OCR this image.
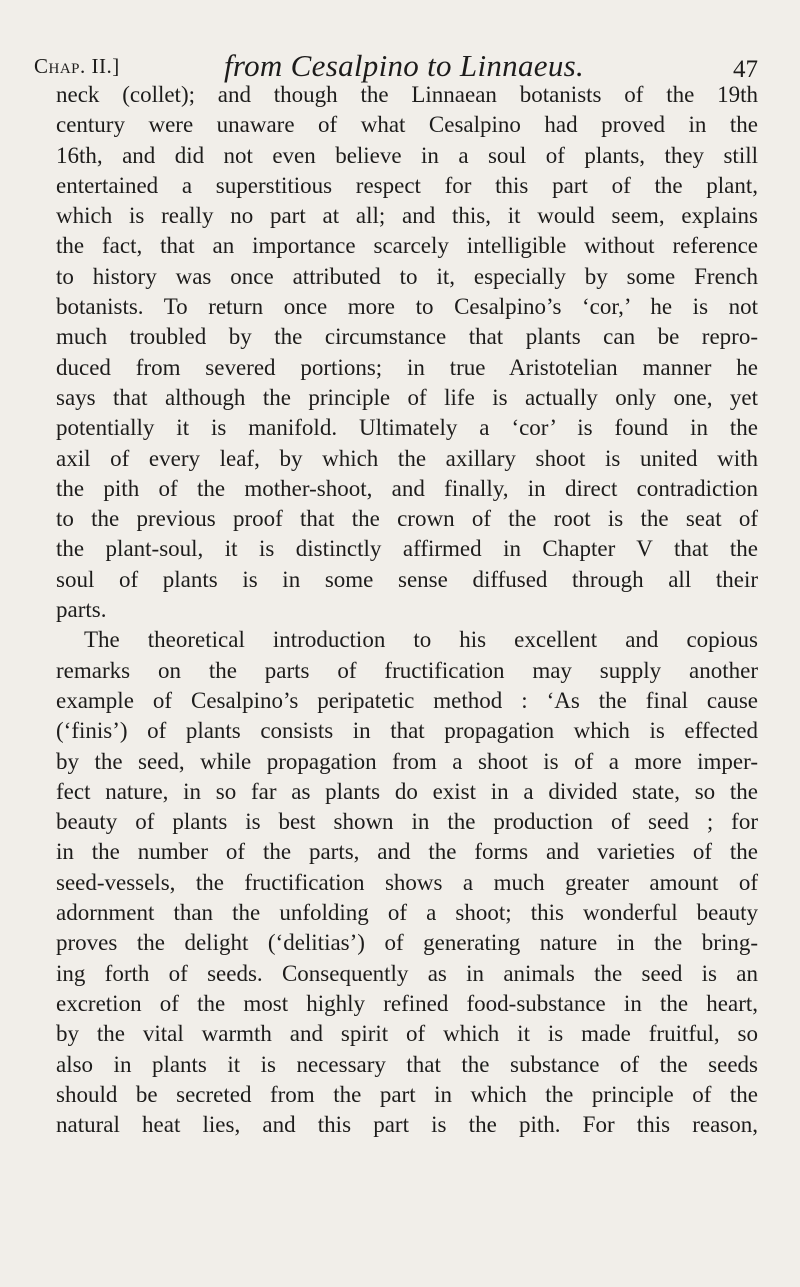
Chap. II.]	from Cesalpino to Linnaeus.	47
neck (collet); and though the Linnaean botanists of the 19th
century were unaware of what Cesalpino had proved in the
16th, and did not even believe in a soul of plants, they still
entertained a superstitious respect for this part of the plant,
which is really no part at all; and this, it would seem, explains
the fact, that an importance scarcely intelligible without reference
to history was once attributed to it, especially by some French
botanists. To return once more to Cesalpino’s ‘cor,’ he is not
much troubled by the circumstance that plants can be repro-
duced from severed portions; in true Aristotelian manner he
says that although the principle of life is actually only one, yet
potentially it is manifold. Ultimately a ‘cor’ is found in the
axil of every leaf, by which the axillary shoot is united with
the pith of the mother-shoot, and finally, in direct contradiction
to the previous proof that the crown of the root is the seat of
the plant-soul, it is distinctly affirmed in Chapter V that the
soul of plants is in some sense diffused through all their
parts.
The theoretical introduction to his excellent and copious
remarks on the parts of fructification may supply another
example of Cesalpino’s peripatetic method : ‘As the final cause
(‘finis’) of plants consists in that propagation which is effected
by the seed, while propagation from a shoot is of a more imper-
fect nature, in so far as plants do exist in a divided state, so the
beauty of plants is best shown in the production of seed ; for
in the number of the parts, and the forms and varieties of the
seed-vessels, the fructification shows a much greater amount of
adornment than the unfolding of a shoot; this wonderful beauty
proves the delight (‘delitias’) of generating nature in the bring-
ing forth of seeds. Consequently as in animals the seed is an
excretion of the most highly refined food-substance in the heart,
by the vital warmth and spirit of which it is made fruitful, so
also in plants it is necessary that the substance of the seeds
should be secreted from the part in which the principle of the
natural heat lies, and this part is the pith. For this reason,
